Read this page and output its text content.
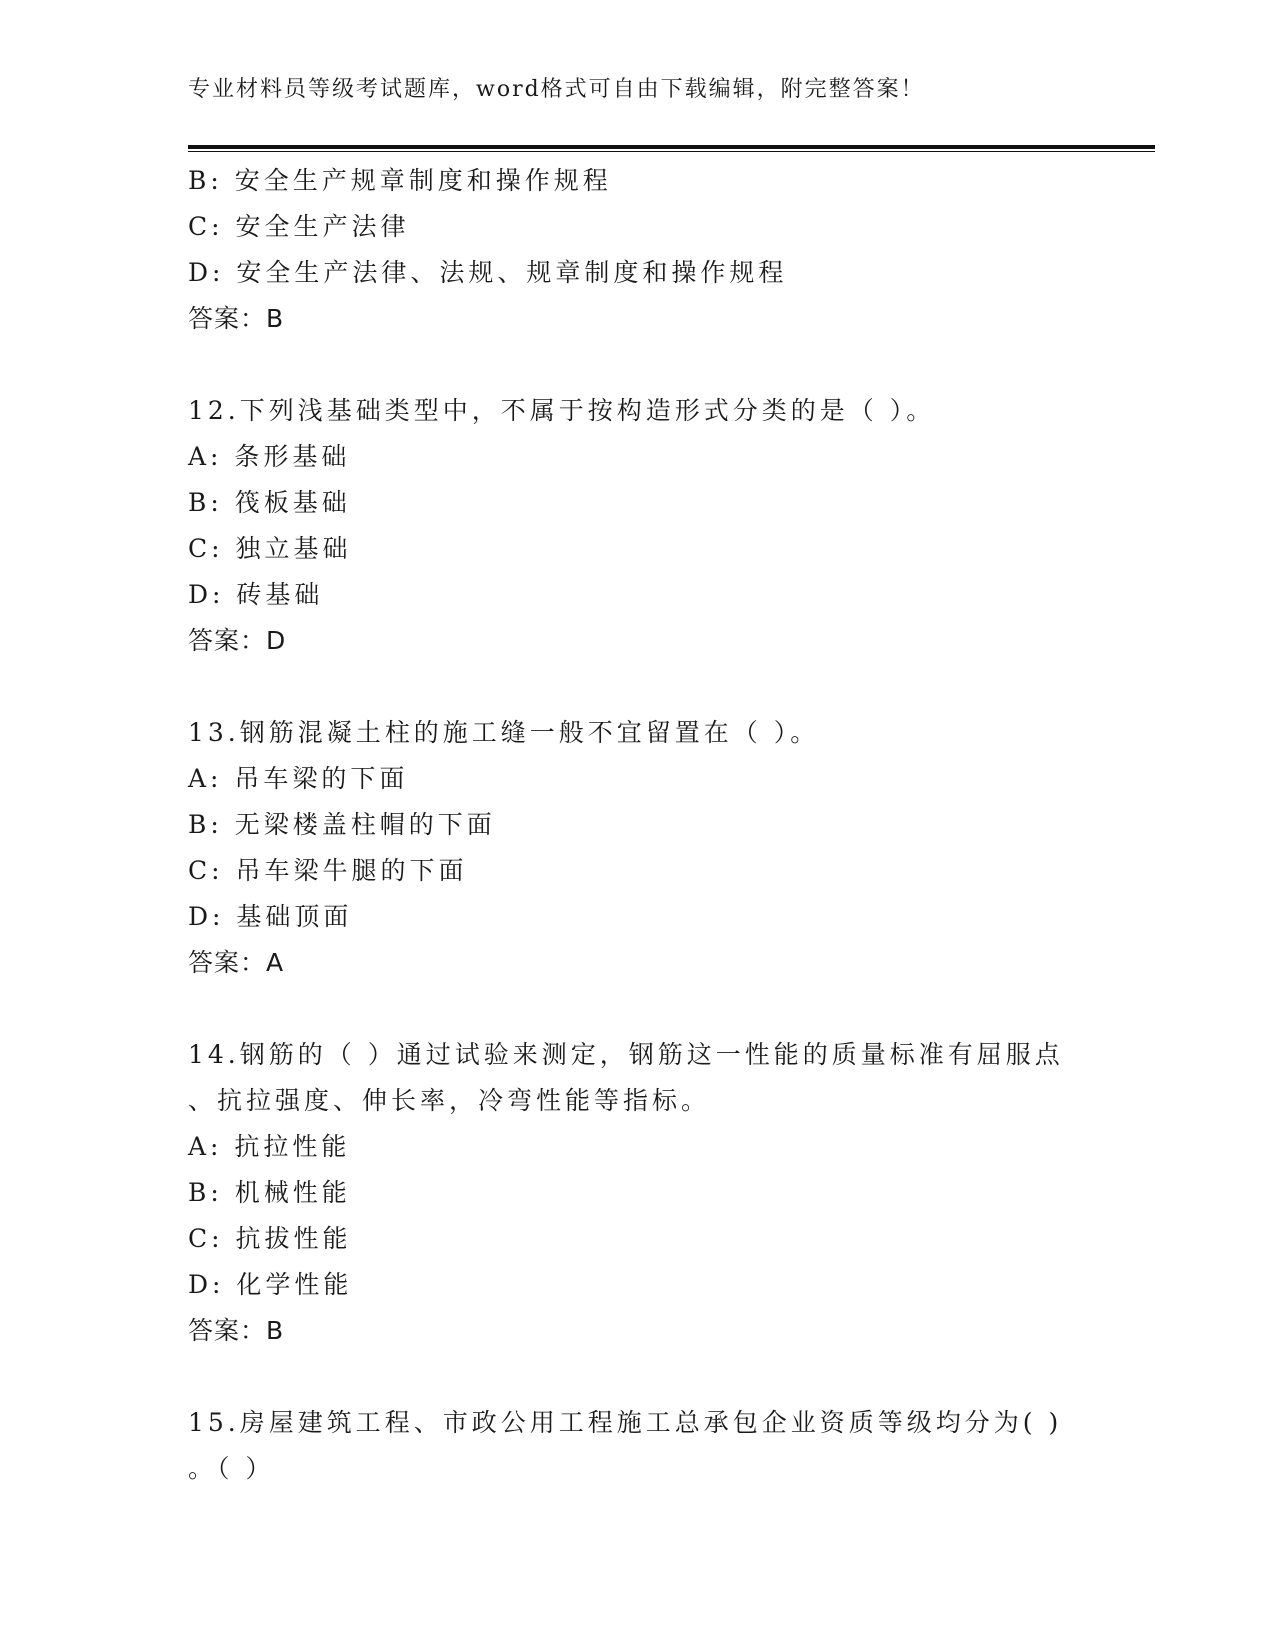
专业材料员等级考试题库，word格式可自由下载编辑，附完整答案！
B: 安全生产规章制度和操作规程
C: 安全生产法律
D: 安全生产法律、法规、规章制度和操作规程
答案：B
12.下列浅基础类型中，不属于按构造形式分类的是（ ）。
A: 条形基础
B: 筏板基础
C: 独立基础
D: 砖基础
答案：D
13.钢筋混凝土柱的施工缝一般不宜留置在（ ）。
A: 吊车梁的下面
B: 无梁楼盖柱帽的下面
C: 吊车梁牛腿的下面
D: 基础顶面
答案：A
14.钢筋的（ ）通过试验来测定，钢筋这一性能的质量标准有屈服点
、抗拉强度、伸长率，冷弯性能等指标。
A: 抗拉性能
B: 机械性能
C: 抗拔性能
D: 化学性能
答案：B
15.房屋建筑工程、市政公用工程施工总承包企业资质等级均分为( )
。（ ）
